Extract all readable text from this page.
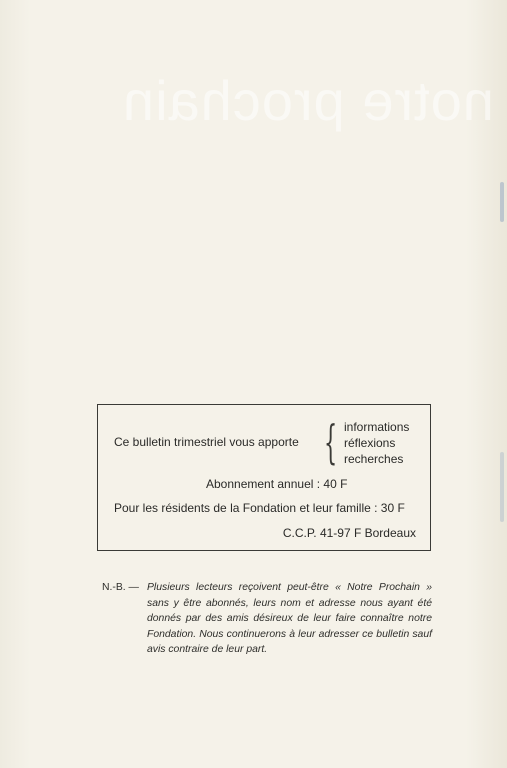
notre prochain
Ce bulletin trimestriel vous apporte { informations
réflexions
recherches
Abonnement annuel : 40 F
Pour les résidents de la Fondation et leur famille : 30 F
C.C.P. 41-97 F Bordeaux
N.-B. — Plusieurs lecteurs reçoivent peut-être « Notre Prochain » sans y être abonnés, leurs nom et adresse nous ayant été donnés par des amis désireux de leur faire connaître notre Fondation. Nous continuerons à leur adresser ce bulletin sauf avis contraire de leur part.
